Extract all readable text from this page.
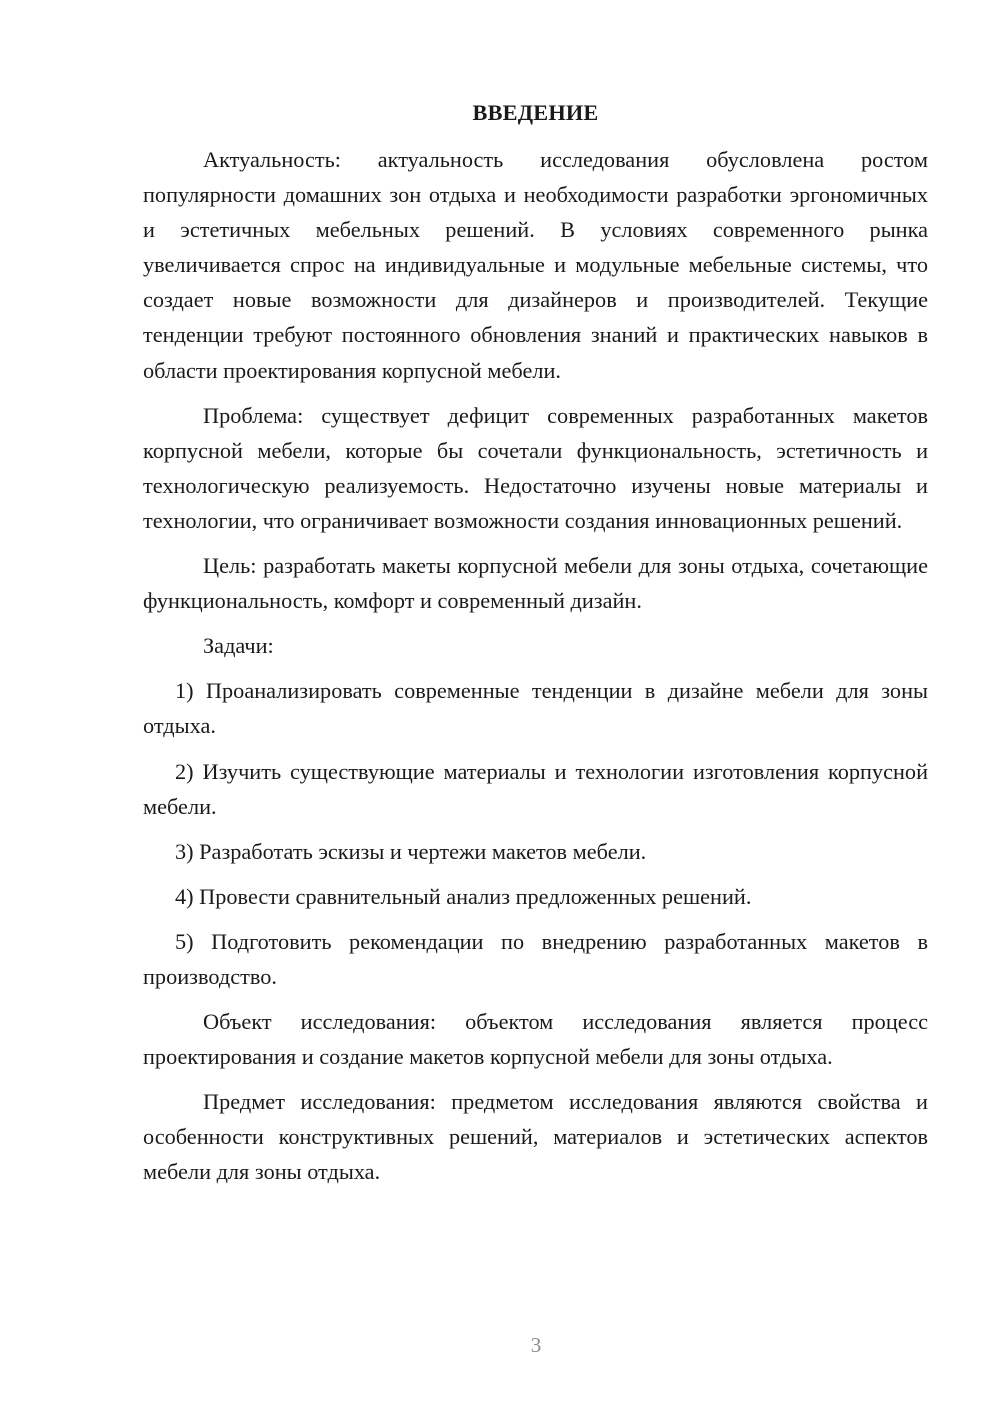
ВВЕДЕНИЕ

Актуальность: актуальность исследования обусловлена ростом популярности домашних зон отдыха и необходимости разработки эргономичных и эстетичных мебельных решений. В условиях современного рынка увеличивается спрос на индивидуальные и модульные мебельные системы, что создает новые возможности для дизайнеров и производителей. Текущие тенденции требуют постоянного обновления знаний и практических навыков в области проектирования корпусной мебели.

Проблема: существует дефицит современных разработанных макетов корпусной мебели, которые бы сочетали функциональность, эстетичность и технологическую реализуемость. Недостаточно изучены новые материалы и технологии, что ограничивает возможности создания инновационных решений.

Цель: разработать макеты корпусной мебели для зоны отдыха, сочетающие функциональность, комфорт и современный дизайн.

Задачи:

1) Проанализировать современные тенденции в дизайне мебели для зоны отдыха.

2) Изучить существующие материалы и технологии изготовления корпусной мебели.

3) Разработать эскизы и чертежи макетов мебели.

4) Провести сравнительный анализ предложенных решений.

5) Подготовить рекомендации по внедрению разработанных макетов в производство.

Объект исследования: объектом исследования является процесс проектирования и создание макетов корпусной мебели для зоны отдыха.

Предмет исследования: предметом исследования являются свойства и особенности конструктивных решений, материалов и эстетических аспектов мебели для зоны отдыха.

3
